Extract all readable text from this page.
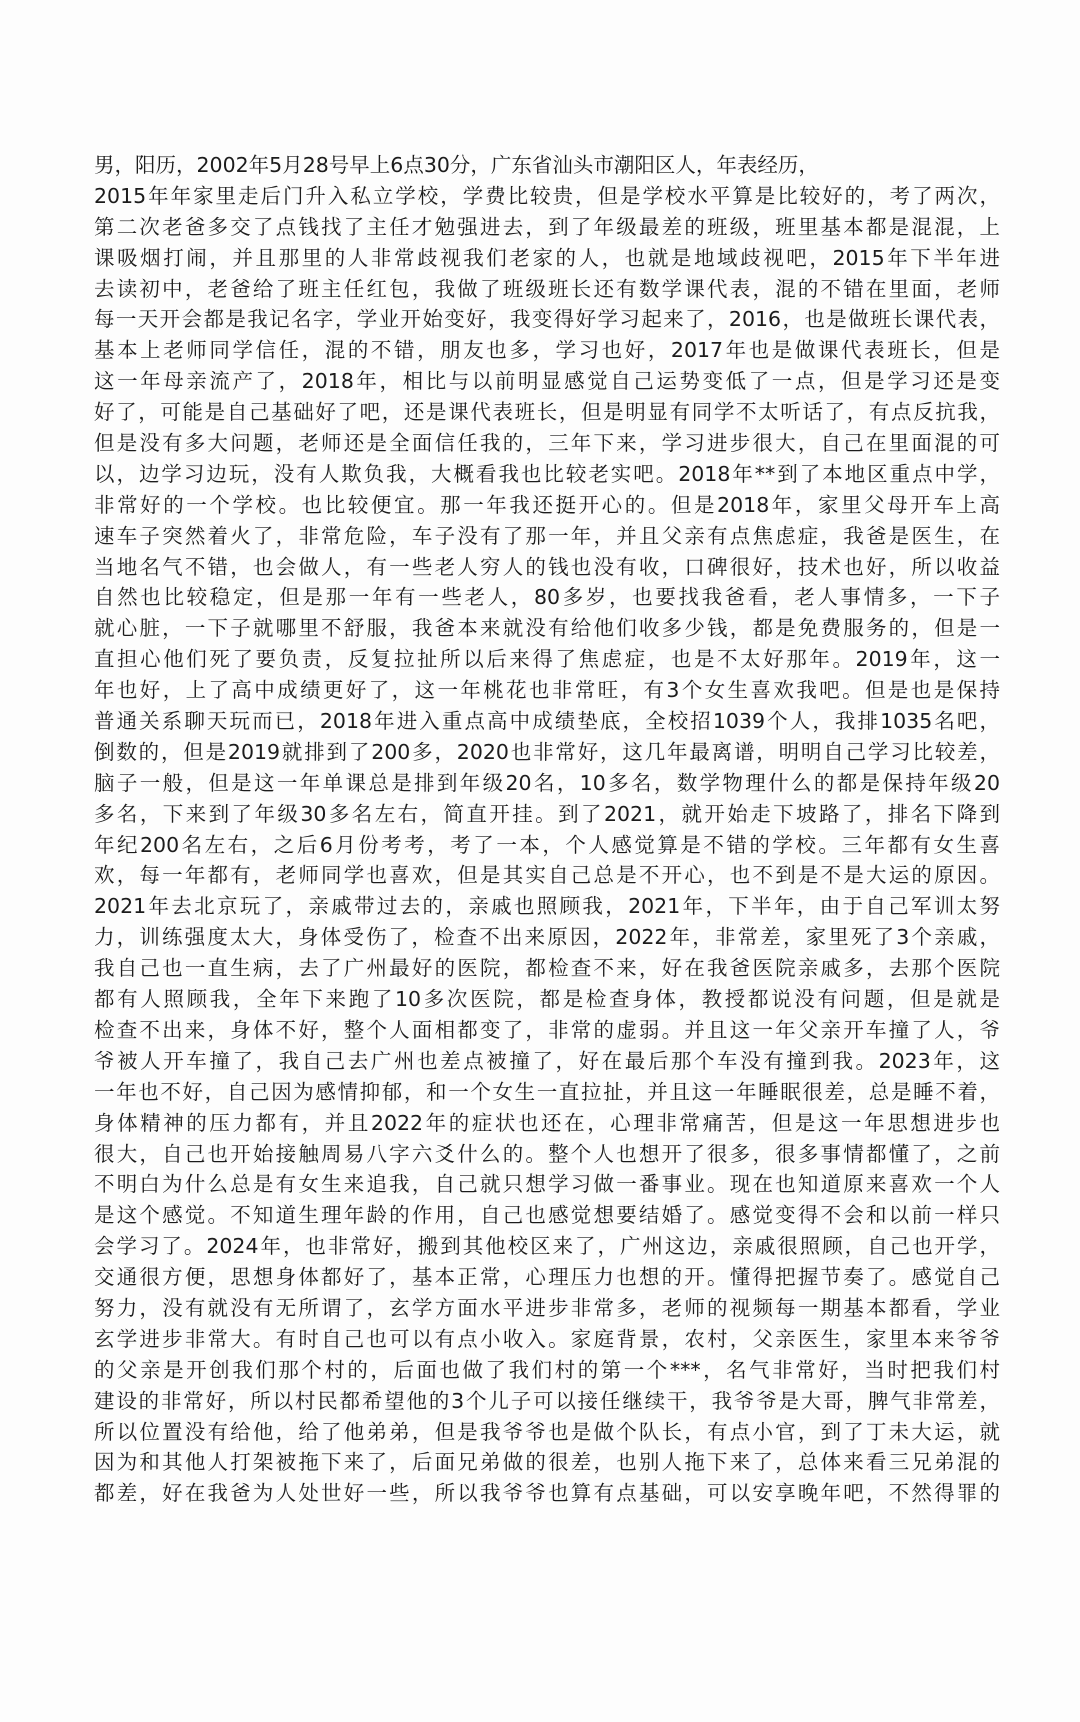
男，阳历，2002年5月28号早上6点30分，广东省汕头市潮阳区人，年表经历，
2015年年家里走后门升入私立学校，学费比较贵，但是学校水平算是比较好的，考了两次，
第二次老爸多交了点钱找了主任才勉强进去，到了年级最差的班级，班里基本都是混混，上
课吸烟打闹，并且那里的人非常歧视我们老家的人，也就是地域歧视吧，2015年下半年进
去读初中，老爸给了班主任红包，我做了班级班长还有数学课代表，混的不错在里面，老师
每一天开会都是我记名字，学业开始变好，我变得好学习起来了，2016，也是做班长课代表，
基本上老师同学信任，混的不错，朋友也多，学习也好，2017年也是做课代表班长，但是
这一年母亲流产了，2018年，相比与以前明显感觉自己运势变低了一点，但是学习还是变
好了，可能是自己基础好了吧，还是课代表班长，但是明显有同学不太听话了，有点反抗我，
但是没有多大问题，老师还是全面信任我的，三年下来，学习进步很大，自己在里面混的可
以，边学习边玩，没有人欺负我，大概看我也比较老实吧。2018年**到了本地区重点中学，
非常好的一个学校。也比较便宜。那一年我还挺开心的。但是2018年，家里父母开车上高
速车子突然着火了，非常危险，车子没有了那一年，并且父亲有点焦虑症，我爸是医生，在
当地名气不错，也会做人，有一些老人穷人的钱也没有收，口碑很好，技术也好，所以收益
自然也比较稳定，但是那一年有一些老人，80多岁，也要找我爸看，老人事情多，一下子
就心脏，一下子就哪里不舒服，我爸本来就没有给他们收多少钱，都是免费服务的，但是一
直担心他们死了要负责，反复拉扯所以后来得了焦虑症，也是不太好那年。2019年，这一
年也好，上了高中成绩更好了，这一年桃花也非常旺，有3个女生喜欢我吧。但是也是保持
普通关系聊天玩而已，2018年进入重点高中成绩垫底，全校招1039个人，我排1035名吧，
倒数的，但是2019就排到了200多，2020也非常好，这几年最离谱，明明自己学习比较差，
脑子一般，但是这一年单课总是排到年级20名，10多名，数学物理什么的都是保持年级20
多名，下来到了年级30多名左右，简直开挂。到了2021，就开始走下坡路了，排名下降到
年纪200名左右，之后6月份考考，考了一本，个人感觉算是不错的学校。三年都有女生喜
欢，每一年都有，老师同学也喜欢，但是其实自己总是不开心，也不到是不是大运的原因。
2021年去北京玩了，亲戚带过去的，亲戚也照顾我，2021年，下半年，由于自己军训太努
力，训练强度太大，身体受伤了，检查不出来原因，2022年，非常差，家里死了3个亲戚，
我自己也一直生病，去了广州最好的医院，都检查不来，好在我爸医院亲戚多，去那个医院
都有人照顾我，全年下来跑了10多次医院，都是检查身体，教授都说没有问题，但是就是
检查不出来，身体不好，整个人面相都变了，非常的虚弱。并且这一年父亲开车撞了人，爷
爷被人开车撞了，我自己去广州也差点被撞了，好在最后那个车没有撞到我。2023年，这
一年也不好，自己因为感情抑郁，和一个女生一直拉扯，并且这一年睡眠很差，总是睡不着，
身体精神的压力都有，并且2022年的症状也还在，心理非常痛苦，但是这一年思想进步也
很大，自己也开始接触周易八字六爻什么的。整个人也想开了很多，很多事情都懂了，之前
不明白为什么总是有女生来追我，自己就只想学习做一番事业。现在也知道原来喜欢一个人
是这个感觉。不知道生理年龄的作用，自己也感觉想要结婚了。感觉变得不会和以前一样只
会学习了。2024年，也非常好，搬到其他校区来了，广州这边，亲戚很照顾，自己也开学，
交通很方便，思想身体都好了，基本正常，心理压力也想的开。懂得把握节奏了。感觉自己
努力，没有就没有无所谓了，玄学方面水平进步非常多，老师的视频每一期基本都看，学业
玄学进步非常大。有时自己也可以有点小收入。家庭背景，农村，父亲医生，家里本来爷爷
的父亲是开创我们那个村的，后面也做了我们村的第一个***，名气非常好，当时把我们村
建设的非常好，所以村民都希望他的3个儿子可以接任继续干，我爷爷是大哥，脾气非常差，
所以位置没有给他，给了他弟弟，但是我爷爷也是做个队长，有点小官，到了丁未大运，就
因为和其他人打架被拖下来了，后面兄弟做的很差，也别人拖下来了，总体来看三兄弟混的
都差，好在我爸为人处世好一些，所以我爷爷也算有点基础，可以安享晚年吧，不然得罪的
